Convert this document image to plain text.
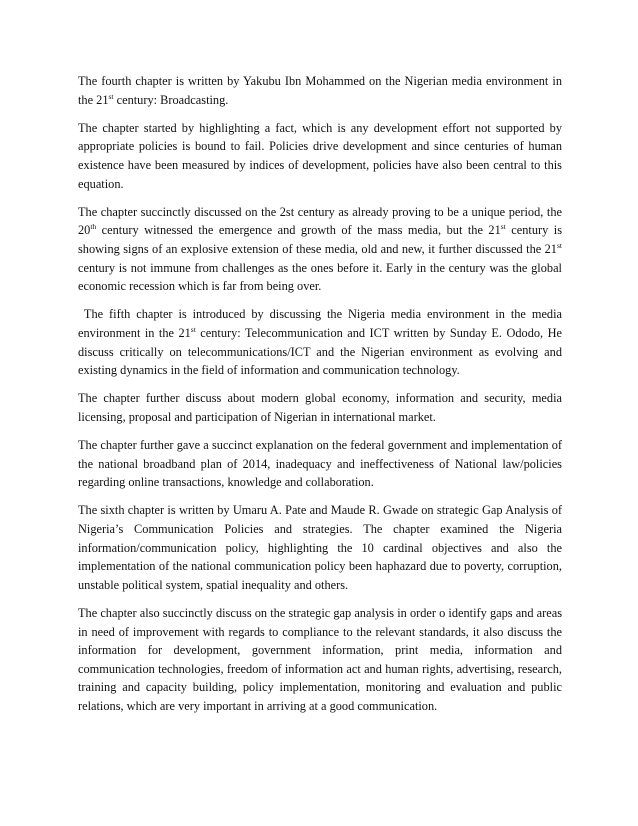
The fourth chapter is written by Yakubu Ibn Mohammed on the Nigerian media environment in the 21st century: Broadcasting.

The chapter started by highlighting a fact, which is any development effort not supported by appropriate policies is bound to fail. Policies drive development and since centuries of human existence have been measured by indices of development, policies have also been central to this equation.

The chapter succinctly discussed on the 2st century as already proving to be a unique period, the 20th century witnessed the emergence and growth of the mass media, but the 21st century is showing signs of an explosive extension of these media, old and new, it further discussed the 21st century is not immune from challenges as the ones before it. Early in the century was the global economic recession which is far from being over.

The fifth chapter is introduced by discussing the Nigeria media environment in the media environment in the 21st century: Telecommunication and ICT written by Sunday E. Ododo, He discuss critically on telecommunications/ICT and the Nigerian environment as evolving and existing dynamics in the field of information and communication technology.

The chapter further discuss about modern global economy, information and security, media licensing, proposal and participation of Nigerian in international market.

The chapter further gave a succinct explanation on the federal government and implementation of the national broadband plan of 2014, inadequacy and ineffectiveness of National law/policies regarding online transactions, knowledge and collaboration.

The sixth chapter is written by Umaru A. Pate and Maude R. Gwade on strategic Gap Analysis of Nigeria’s Communication Policies and strategies. The chapter examined the Nigeria information/communication policy, highlighting the 10 cardinal objectives and also the implementation of the national communication policy been haphazard due to poverty, corruption, unstable political system, spatial inequality and others.

The chapter also succinctly discuss on the strategic gap analysis in order o identify gaps and areas in need of improvement with regards to compliance to the relevant standards, it also discuss the information for development, government information, print media, information and communication technologies, freedom of information act and human rights, advertising, research, training and capacity building, policy implementation, monitoring and evaluation and public relations, which are very important in arriving at a good communication.
